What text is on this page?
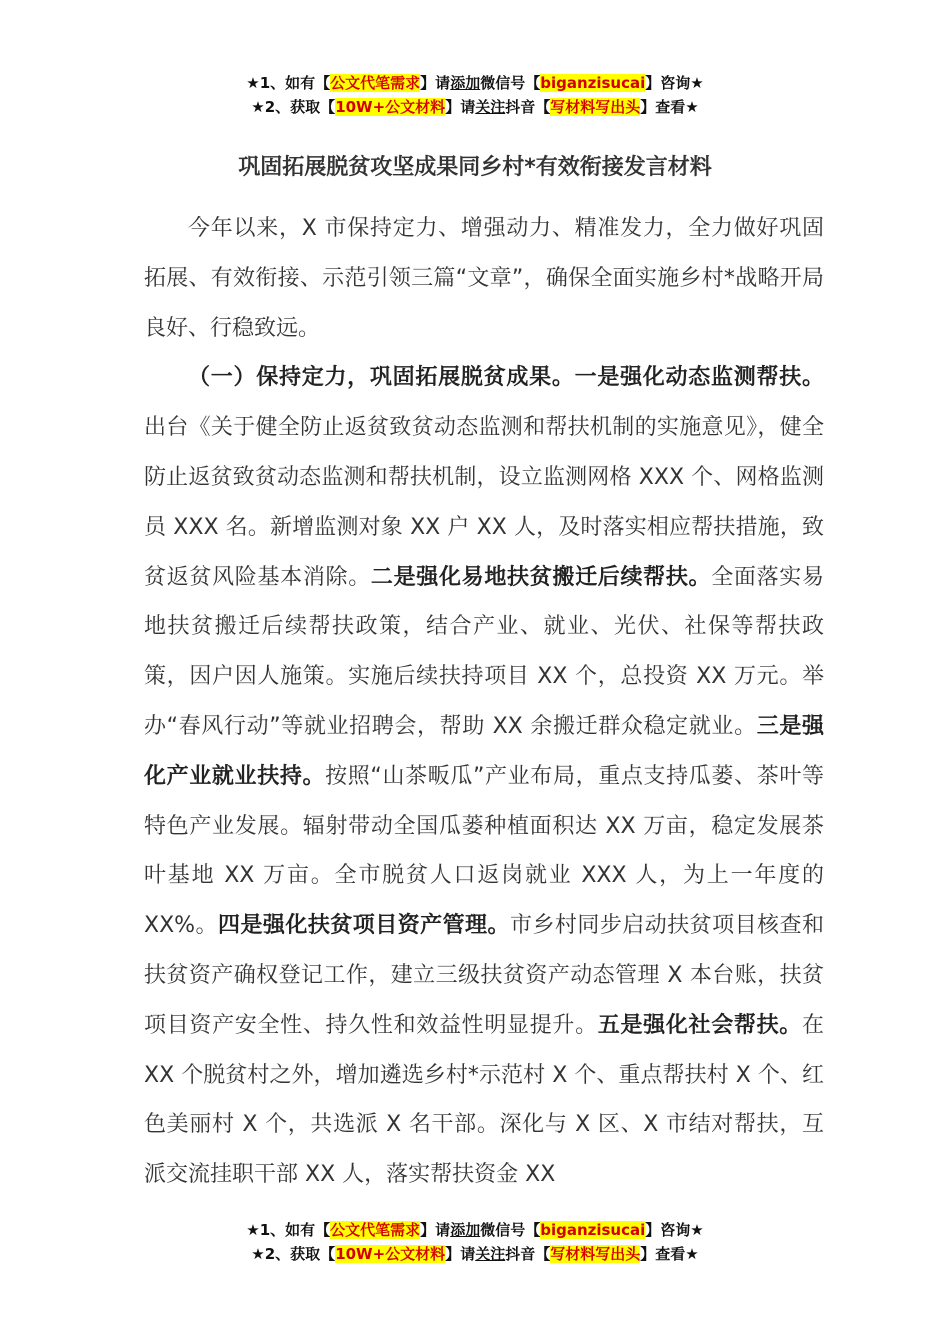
★1、如有【公文代笔需求】请添加微信号【biganzisucai】咨询★
★2、获取【10W+公文材料】请关注抖音【写材料写出头】查看★
巩固拓展脱贫攻坚成果同乡村*有效衔接发言材料

今年以来，X 市保持定力、增强动力、精准发力，全力做好巩固拓展、有效衔接、示范引领三篇“文章”，确保全面实施乡村*战略开局良好、行稳致远。

（一）保持定力，巩固拓展脱贫成果。一是强化动态监测帮扶。出台《关于健全防止返贫致贫动态监测和帮扶机制的实施意见》，健全防止返贫致贫动态监测和帮扶机制，设立监测网格 XXX 个、网格监测员 XXX 名。新增监测对象 XX 户 XX 人，及时落实相应帮扶措施，致贫返贫风险基本消除。二是强化易地扶贫搬迁后续帮扶。全面落实易地扶贫搬迁后续帮扶政策，结合产业、就业、光伏、社保等帮扶政策，因户因人施策。实施后续扶持项目 XX 个，总投资 XX 万元。举办“春风行动”等就业招聘会，帮助 XX 余搬迁群众稳定就业。三是强化产业就业扶持。按照“山茶畈瓜”产业布局，重点支持瓜蒌、茶叶等特色产业发展。辐射带动全国瓜蒌种植面积达 XX 万亩，稳定发展茶叶基地 XX 万亩。全市脱贫人口返岗就业 XXX 人，为上一年度的 XX%。四是强化扶贫项目资产管理。市乡村同步启动扶贫项目核查和扶贫资产确权登记工作，建立三级扶贫资产动态管理 X 本台账，扶贫项目资产安全性、持久性和效益性明显提升。五是强化社会帮扶。在 XX 个脱贫村之外，增加遴选乡村*示范村 X 个、重点帮扶村 X 个、红色美丽村 X 个，共选派 X 名干部。深化与 X 区、X 市结对帮扶，互派交流挂职干部 XX 人，落实帮扶资金 XX

★1、如有【公文代笔需求】请添加微信号【biganzisucai】咨询★
★2、获取【10W+公文材料】请关注抖音【写材料写出头】查看★
